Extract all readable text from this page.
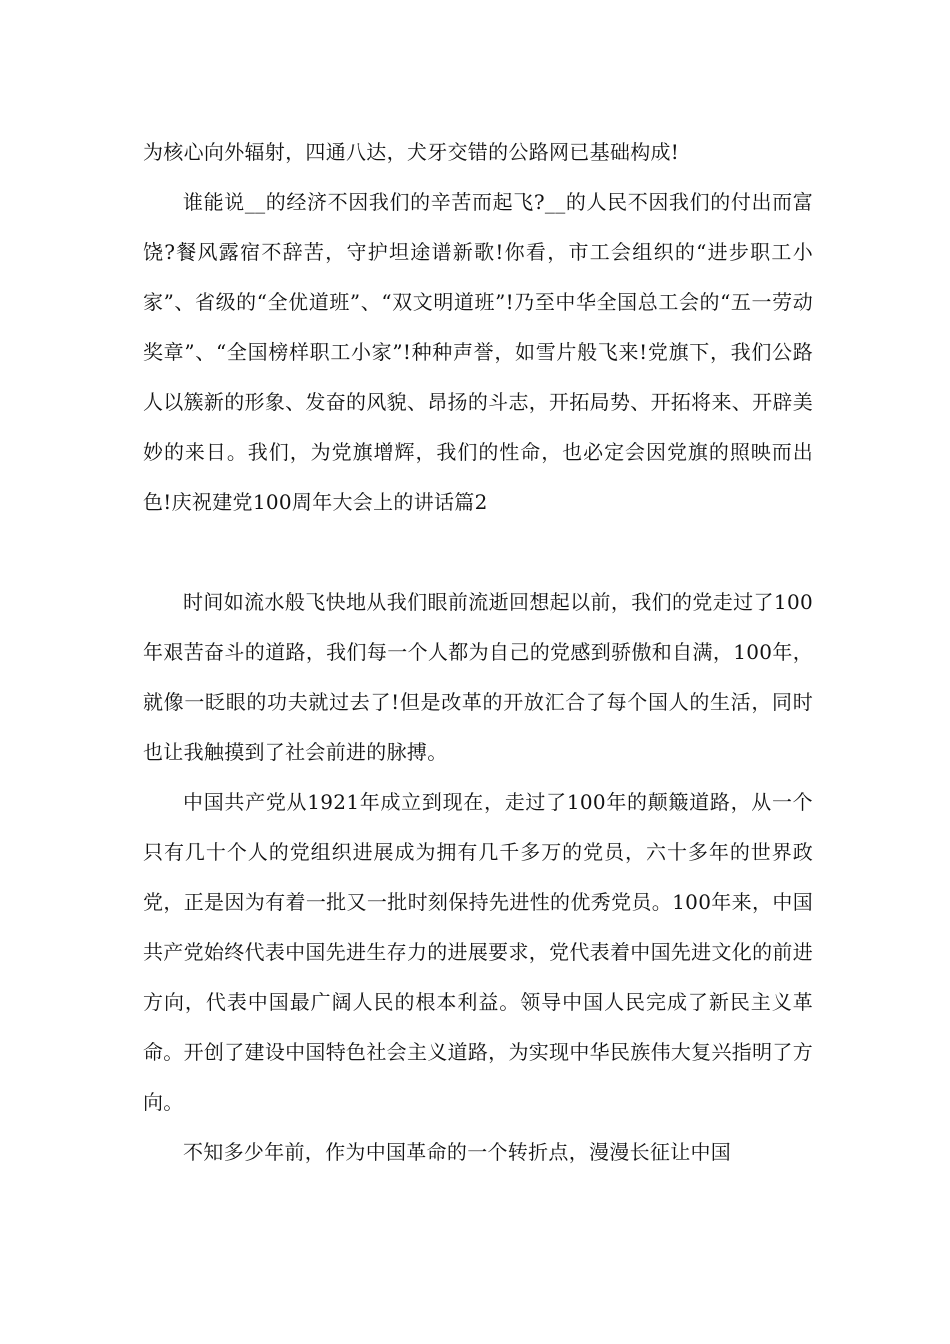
为核心向外辐射，四通八达，犬牙交错的公路网已基础构成!

谁能说__的经济不因我们的辛苦而起飞?__的人民不因我们的付出而富饶?餐风露宿不辞苦，守护坦途谱新歌!你看，市工会组织的“进步职工小家”、省级的“全优道班”、“双文明道班”!乃至中华全国总工会的“五一劳动奖章”、“全国榜样职工小家”!种种声誉，如雪片般飞来!党旗下，我们公路人以簇新的形象、发奋的风貌、昂扬的斗志，开拓局势、开拓将来、开辟美妙的来日。我们，为党旗增辉，我们的性命，也必定会因党旗的照映而出色!庆祝建党100周年大会上的讲话篇2

时间如流水般飞快地从我们眼前流逝回想起以前，我们的党走过了100年艰苦奋斗的道路，我们每一个人都为自己的党感到骄傲和自满，100年，就像一眨眼的功夫就过去了!但是改革的开放汇合了每个国人的生活，同时也让我触摸到了社会前进的脉搏。

中国共产党从1921年成立到现在，走过了100年的颠簸道路，从一个只有几十个人的党组织进展成为拥有几千多万的党员，六十多年的世界政党，正是因为有着一批又一批时刻保持先进性的优秀党员。100年来，中国共产党始终代表中国先进生存力的进展要求，党代表着中国先进文化的前进方向，代表中国最广阔人民的根本利益。领导中国人民完成了新民主义革命。开创了建设中国特色社会主义道路，为实现中华民族伟大复兴指明了方向。

不知多少年前，作为中国革命的一个转折点，漫漫长征让中国
